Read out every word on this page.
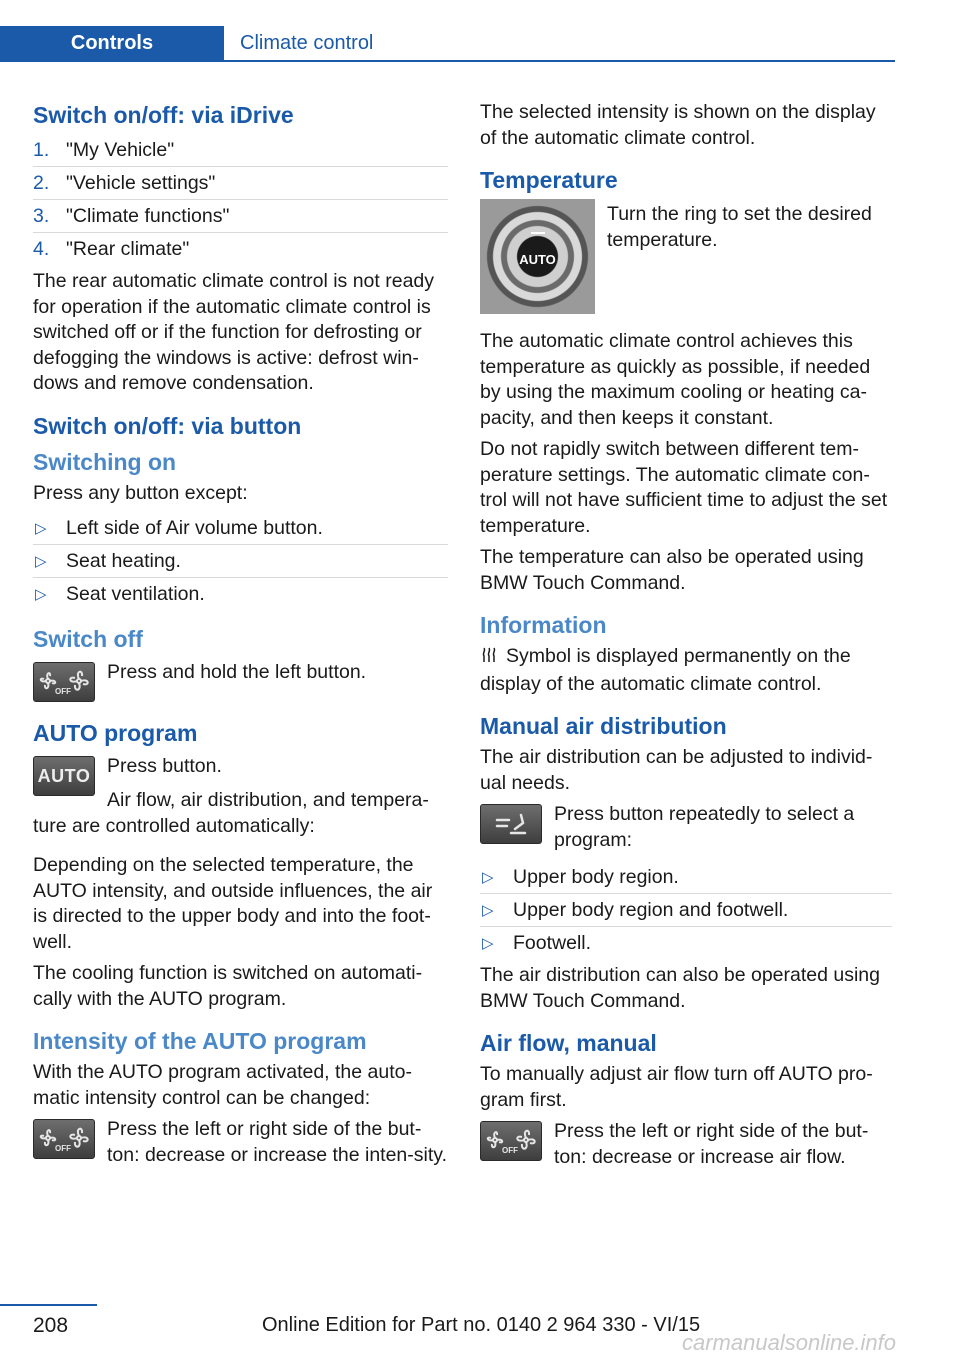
Controls	Climate control
Switch on/off: via iDrive
1. "My Vehicle"
2. "Vehicle settings"
3. "Climate functions"
4. "Rear climate"

The rear automatic climate control is not ready for operation if the automatic climate control is switched off or if the function for defrosting or defogging the windows is active: defrost win-dows and remove condensation.

Switch on/off: via button
Switching on

Press any button except:

▷ Left side of Air volume button.
▷ Seat heating.
▷ Seat ventilation.
Switch off
OFF

Press and hold the left button.

AUTO program
AUTO Press button.

Air flow, air distribution, and tempera-ture are controlled automatically:

Depending on the selected temperature, the AUTO intensity, and outside influences, the air is directed to the upper body and into the foot-well.

The cooling function is switched on automati-cally with the AUTO program.

Intensity of the AUTO program

With the AUTO program activated, the auto-matic intensity control can be changed:

OFF

Press the left or right side of the but-ton: decrease or increase the inten-sity.

The selected intensity is shown on the display of the automatic climate control.

Temperature
AUTO

Turn the ring to set the desired temperature.

The automatic climate control achieves this temperature as quickly as possible, if needed by using the maximum cooling or heating ca-pacity, and then keeps it constant.

Do not rapidly switch between different tem-perature settings. The automatic climate con-trol will not have sufficient time to adjust the set temperature.

The temperature can also be operated using BMW Touch Command.

Information

Symbol is displayed permanently on the display of the automatic climate control.

Manual air distribution

The air distribution can be adjusted to individ-ual needs.

Press button repeatedly to select a program:

▷ Upper body region.
▷ Upper body region and footwell.
▷ Footwell.

The air distribution can also be operated using BMW Touch Command.

Air flow, manual

To manually adjust air flow turn off AUTO pro-gram first.

OFF

Press the left or right side of the but-ton: decrease or increase air flow.

208	Online Edition for Part no. 0140 2 964 330 - VI/15
carmanualsonline.info
